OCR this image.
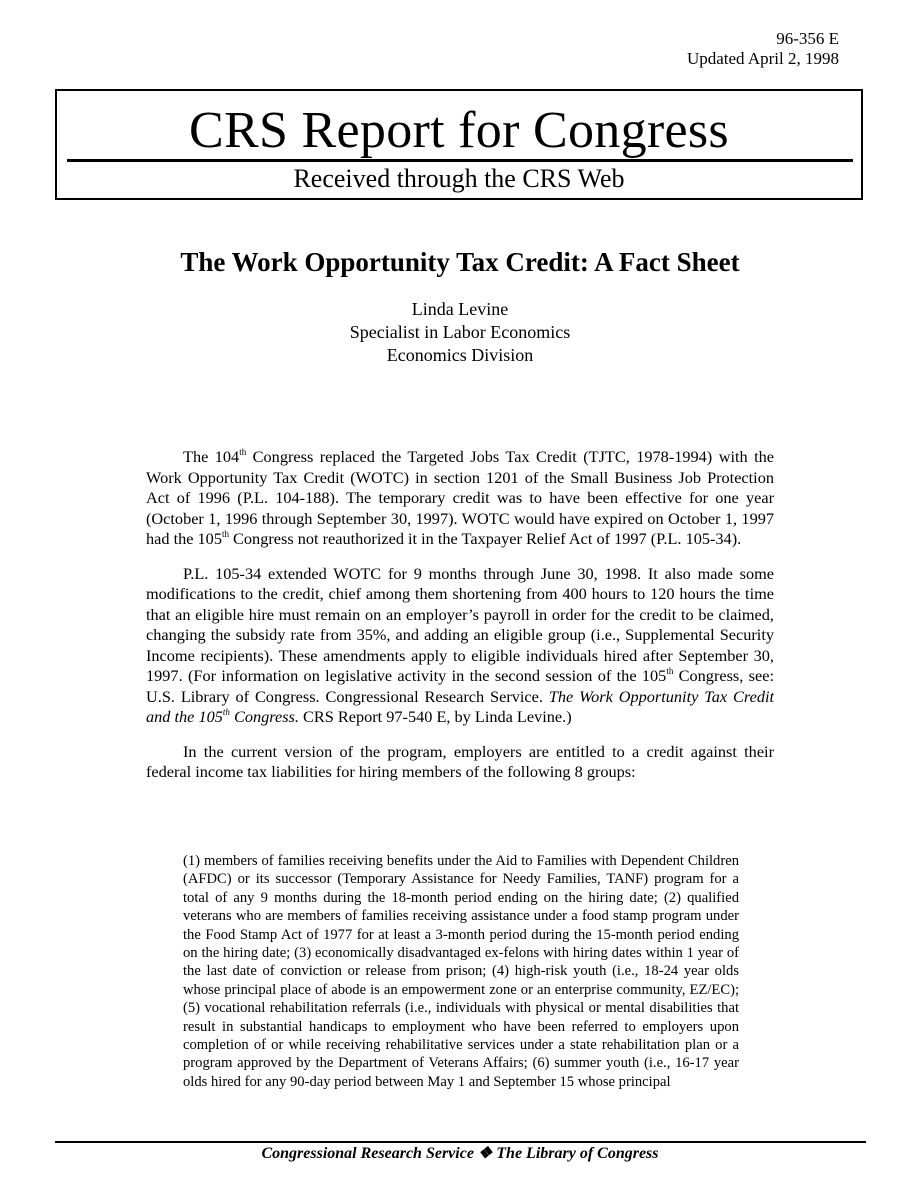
96-356 E
Updated April 2, 1998
CRS Report for Congress
Received through the CRS Web
The Work Opportunity Tax Credit: A Fact Sheet
Linda Levine
Specialist in Labor Economics
Economics Division

The 104th Congress replaced the Targeted Jobs Tax Credit (TJTC, 1978-1994) with the Work Opportunity Tax Credit (WOTC) in section 1201 of the Small Business Job Protection Act of 1996 (P.L. 104-188). The temporary credit was to have been effective for one year (October 1, 1996 through September 30, 1997). WOTC would have expired on October 1, 1997 had the 105th Congress not reauthorized it in the Taxpayer Relief Act of 1997 (P.L. 105-34).

P.L. 105-34 extended WOTC for 9 months through June 30, 1998. It also made some modifications to the credit, chief among them shortening from 400 hours to 120 hours the time that an eligible hire must remain on an employer’s payroll in order for the credit to be claimed, changing the subsidy rate from 35%, and adding an eligible group (i.e., Supplemental Security Income recipients). These amendments apply to eligible individuals hired after September 30, 1997. (For information on legislative activity in the second session of the 105th Congress, see: U.S. Library of Congress. Congressional Research Service. The Work Opportunity Tax Credit and the 105th Congress. CRS Report 97-540 E, by Linda Levine.)

In the current version of the program, employers are entitled to a credit against their federal income tax liabilities for hiring members of the following 8 groups:

(1) members of families receiving benefits under the Aid to Families with Dependent Children (AFDC) or its successor (Temporary Assistance for Needy Families, TANF) program for a total of any 9 months during the 18-month period ending on the hiring date; (2) qualified veterans who are members of families receiving assistance under a food stamp program under the Food Stamp Act of 1977 for at least a 3-month period during the 15-month period ending on the hiring date; (3) economically disadvantaged ex-felons with hiring dates within 1 year of the last date of conviction or release from prison; (4) high-risk youth (i.e., 18-24 year olds whose principal place of abode is an empowerment zone or an enterprise community, EZ/EC); (5) vocational rehabilitation referrals (i.e., individuals with physical or mental disabilities that result in substantial handicaps to employment who have been referred to employers upon completion of or while receiving rehabilitative services under a state rehabilitation plan or a program approved by the Department of Veterans Affairs; (6) summer youth (i.e., 16-17 year olds hired for any 90-day period between May 1 and September 15 whose principal

Congressional Research Service ❖ The Library of Congress
